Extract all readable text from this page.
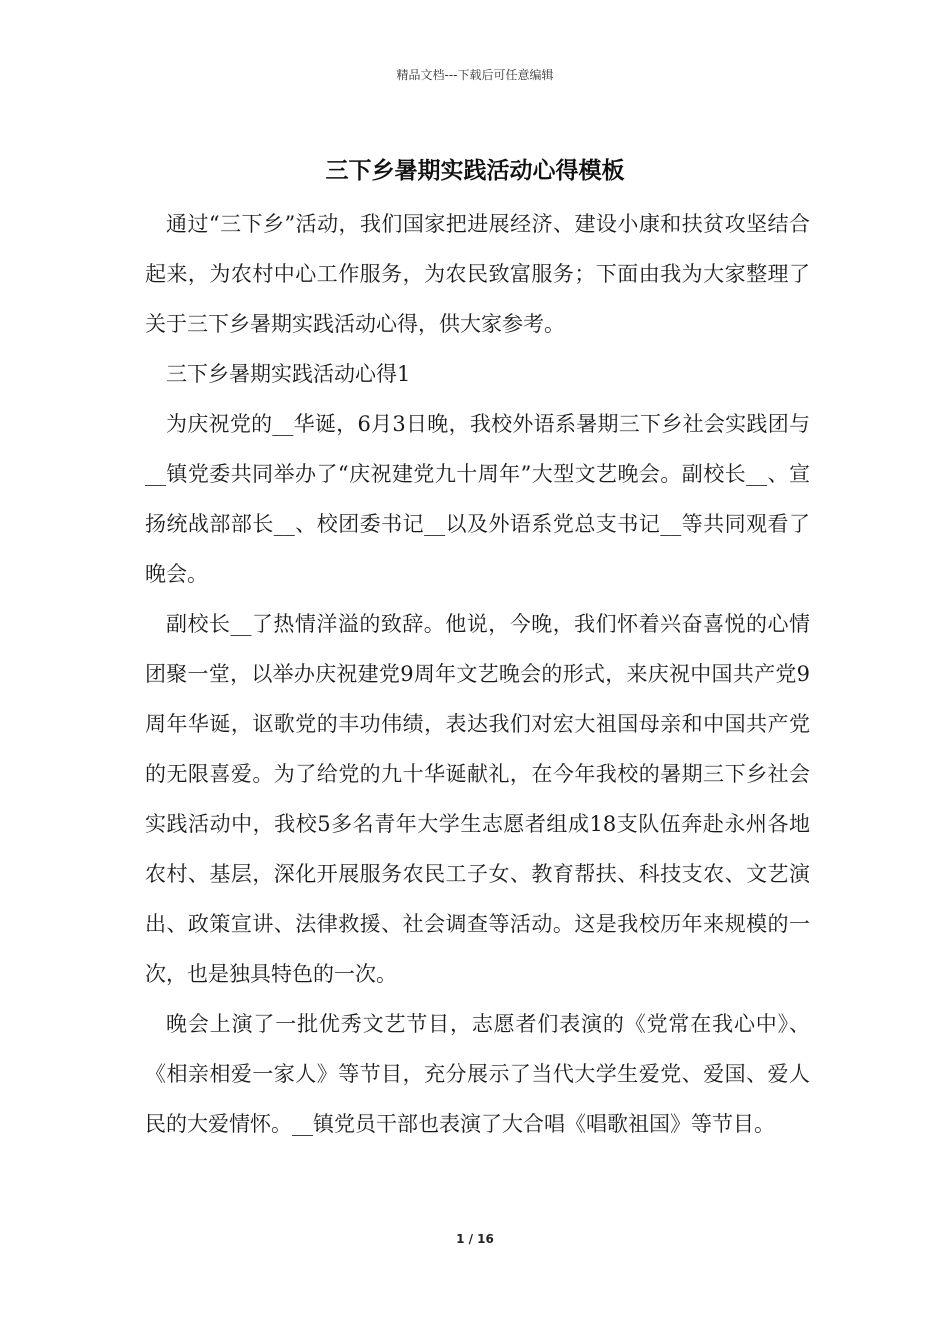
精品文档---下载后可任意编辑
三下乡暑期实践活动心得模板

通过“三下乡”活动，我们国家把进展经济、建设小康和扶贫攻坚结合起来，为农村中心工作服务，为农民致富服务；下面由我为大家整理了关于三下乡暑期实践活动心得，供大家参考。

三下乡暑期实践活动心得1

为庆祝党的__华诞，6月3日晚，我校外语系暑期三下乡社会实践团与__镇党委共同举办了“庆祝建党九十周年”大型文艺晚会。副校长__、宣扬统战部部长__、校团委书记__以及外语系党总支书记__等共同观看了晚会。

副校长__了热情洋溢的致辞。他说，今晚，我们怀着兴奋喜悦的心情团聚一堂，以举办庆祝建党9周年文艺晚会的形式，来庆祝中国共产党9周年华诞，讴歌党的丰功伟绩，表达我们对宏大祖国母亲和中国共产党的无限喜爱。为了给党的九十华诞献礼，在今年我校的暑期三下乡社会实践活动中，我校5多名青年大学生志愿者组成18支队伍奔赴永州各地农村、基层，深化开展服务农民工子女、教育帮扶、科技支农、文艺演出、政策宣讲、法律救援、社会调查等活动。这是我校历年来规模的一次，也是独具特色的一次。

晚会上演了一批优秀文艺节目，志愿者们表演的《党常在我心中》、《相亲相爱一家人》等节目，充分展示了当代大学生爱党、爱国、爱人民的大爱情怀。__镇党员干部也表演了大合唱《唱歌祖国》等节目。

1 / 16
